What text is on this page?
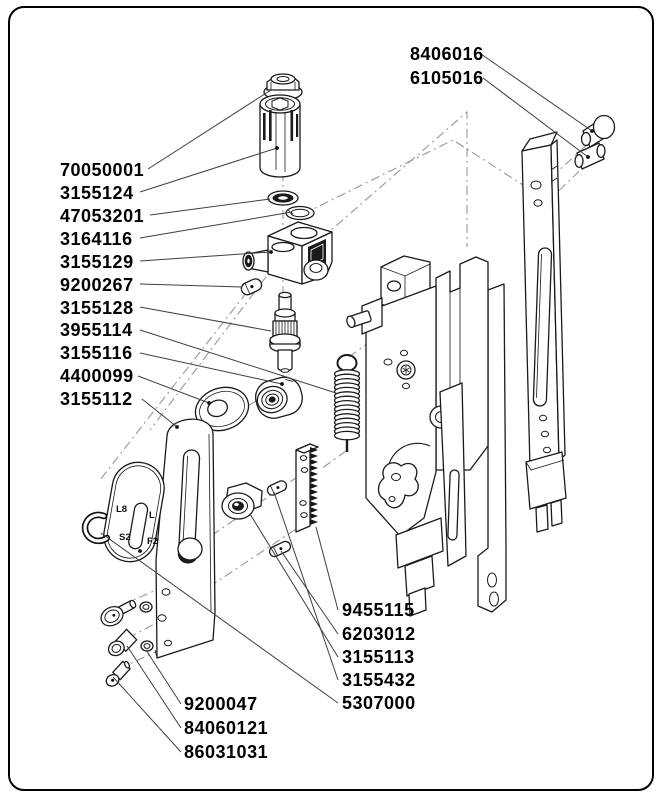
L8
L
S2 F2
70050001
3155124
47053201
3164116
3155129
9200267
3155128
3955114
3155116
4400099
3155112
8406016
6105016
9455115
6203012
3155113
3155432
5307000
9200047
84060121
86031031
